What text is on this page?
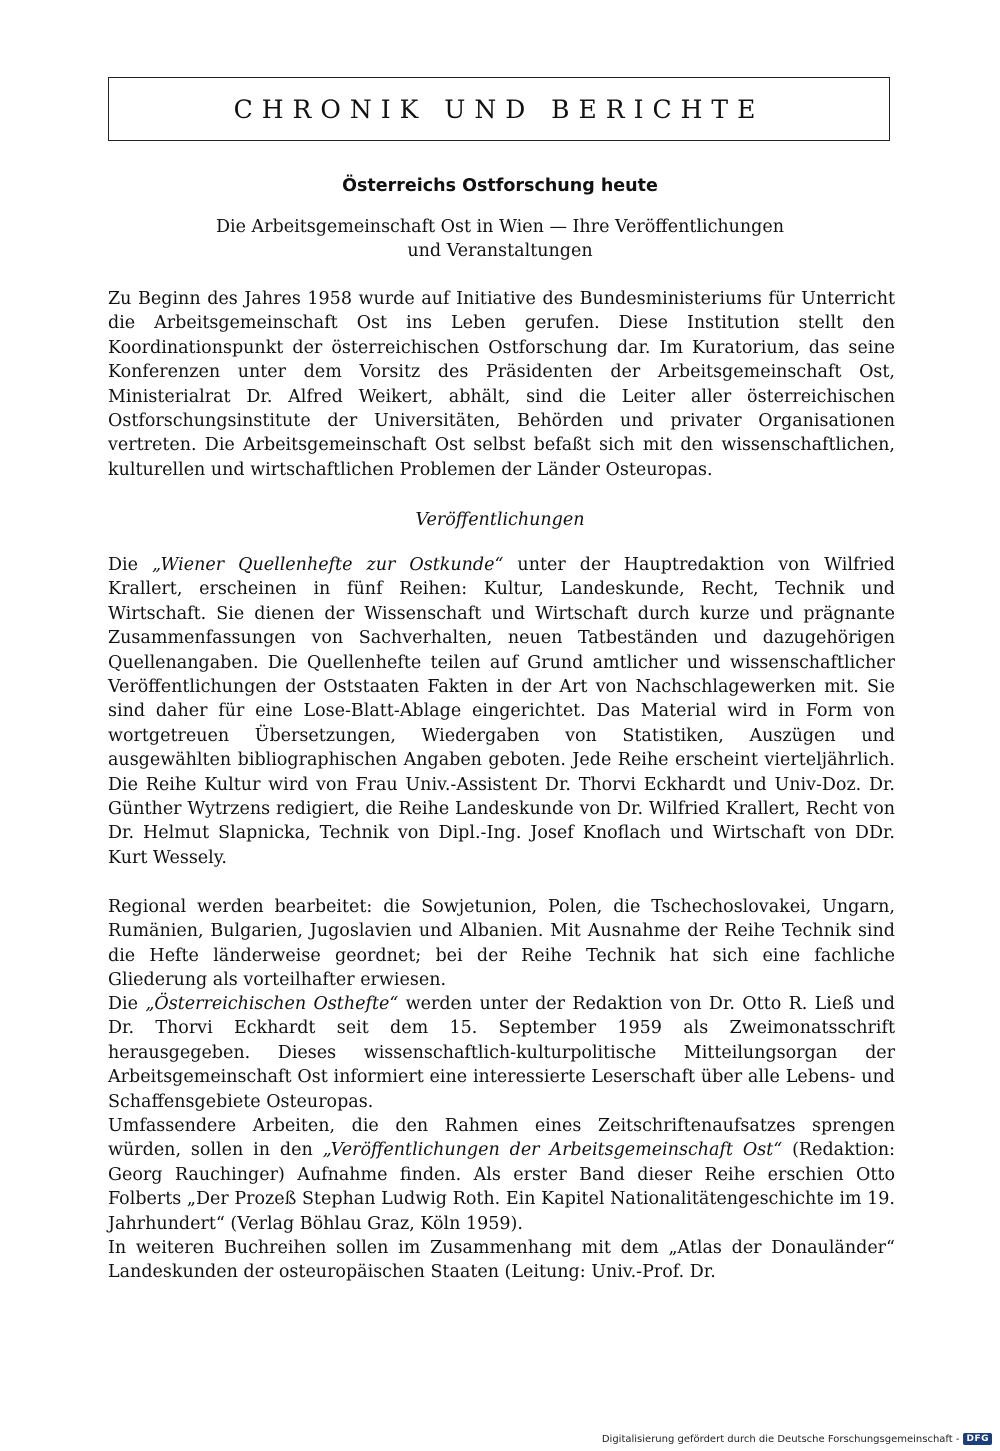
CHRONIK UND BERICHTE
Österreichs Ostforschung heute
Die Arbeitsgemeinschaft Ost in Wien — Ihre Veröffentlichungen
und Veranstaltungen

Zu Beginn des Jahres 1958 wurde auf Initiative des Bundesministeriums für Unterricht die Arbeitsgemeinschaft Ost ins Leben gerufen. Diese Institution stellt den Koordinationspunkt der österreichischen Ostforschung dar. Im Kuratorium, das seine Konferenzen unter dem Vorsitz des Präsidenten der Arbeitsgemeinschaft Ost, Ministerialrat Dr. Alfred Weikert, abhält, sind die Leiter aller österreichischen Ostforschungsinstitute der Universitäten, Behörden und privater Organisationen vertreten. Die Arbeitsgemeinschaft Ost selbst befaßt sich mit den wissenschaftlichen, kulturellen und wirtschaftlichen Problemen der Länder Osteuropas.

Veröffentlichungen

Die „Wiener Quellenhefte zur Ostkunde“ unter der Hauptredaktion von Wilfried Krallert, erscheinen in fünf Reihen: Kultur, Landeskunde, Recht, Technik und Wirtschaft. Sie dienen der Wissenschaft und Wirtschaft durch kurze und prägnante Zusammenfassungen von Sachverhalten, neuen Tatbeständen und dazugehörigen Quellenangaben. Die Quellenhefte teilen auf Grund amtlicher und wissenschaftlicher Veröffentlichungen der Oststaaten Fakten in der Art von Nachschlagewerken mit. Sie sind daher für eine Lose-Blatt-Ablage eingerichtet. Das Material wird in Form von wortgetreuen Übersetzungen, Wiedergaben von Statistiken, Auszügen und ausgewählten bibliographischen Angaben geboten. Jede Reihe erscheint vierteljährlich. Die Reihe Kultur wird von Frau Univ.-Assistent Dr. Thorvi Eckhardt und Univ-Doz. Dr. Günther Wytrzens redigiert, die Reihe Landeskunde von Dr. Wilfried Krallert, Recht von Dr. Helmut Slapnicka, Technik von Dipl.-Ing. Josef Knoflach und Wirtschaft von DDr. Kurt Wessely.

Regional werden bearbeitet: die Sowjetunion, Polen, die Tschechoslovakei, Ungarn, Rumänien, Bulgarien, Jugoslavien und Albanien. Mit Ausnahme der Reihe Technik sind die Hefte länderweise geordnet; bei der Reihe Technik hat sich eine fachliche Gliederung als vorteilhafter erwiesen.

Die „Österreichischen Osthefte“ werden unter der Redaktion von Dr. Otto R. Ließ und Dr. Thorvi Eckhardt seit dem 15. September 1959 als Zweimonatsschrift herausgegeben. Dieses wissenschaftlich-kulturpolitische Mitteilungsorgan der Arbeitsgemeinschaft Ost informiert eine interessierte Leserschaft über alle Lebens- und Schaffensgebiete Osteuropas.

Umfassendere Arbeiten, die den Rahmen eines Zeitschriftenaufsatzes sprengen würden, sollen in den „Veröffentlichungen der Arbeitsgemeinschaft Ost“ (Redaktion: Georg Rauchinger) Aufnahme finden. Als erster Band dieser Reihe erschien Otto Folberts „Der Prozeß Stephan Ludwig Roth. Ein Kapitel Nationalitätengeschichte im 19. Jahrhundert“ (Verlag Böhlau Graz, Köln 1959).

In weiteren Buchreihen sollen im Zusammenhang mit dem „Atlas der Donauländer“ Landeskunden der osteuropäischen Staaten (Leitung: Univ.-Prof. Dr.

Digitalisierung gefördert durch die Deutsche Forschungsgemeinschaft - DFG
